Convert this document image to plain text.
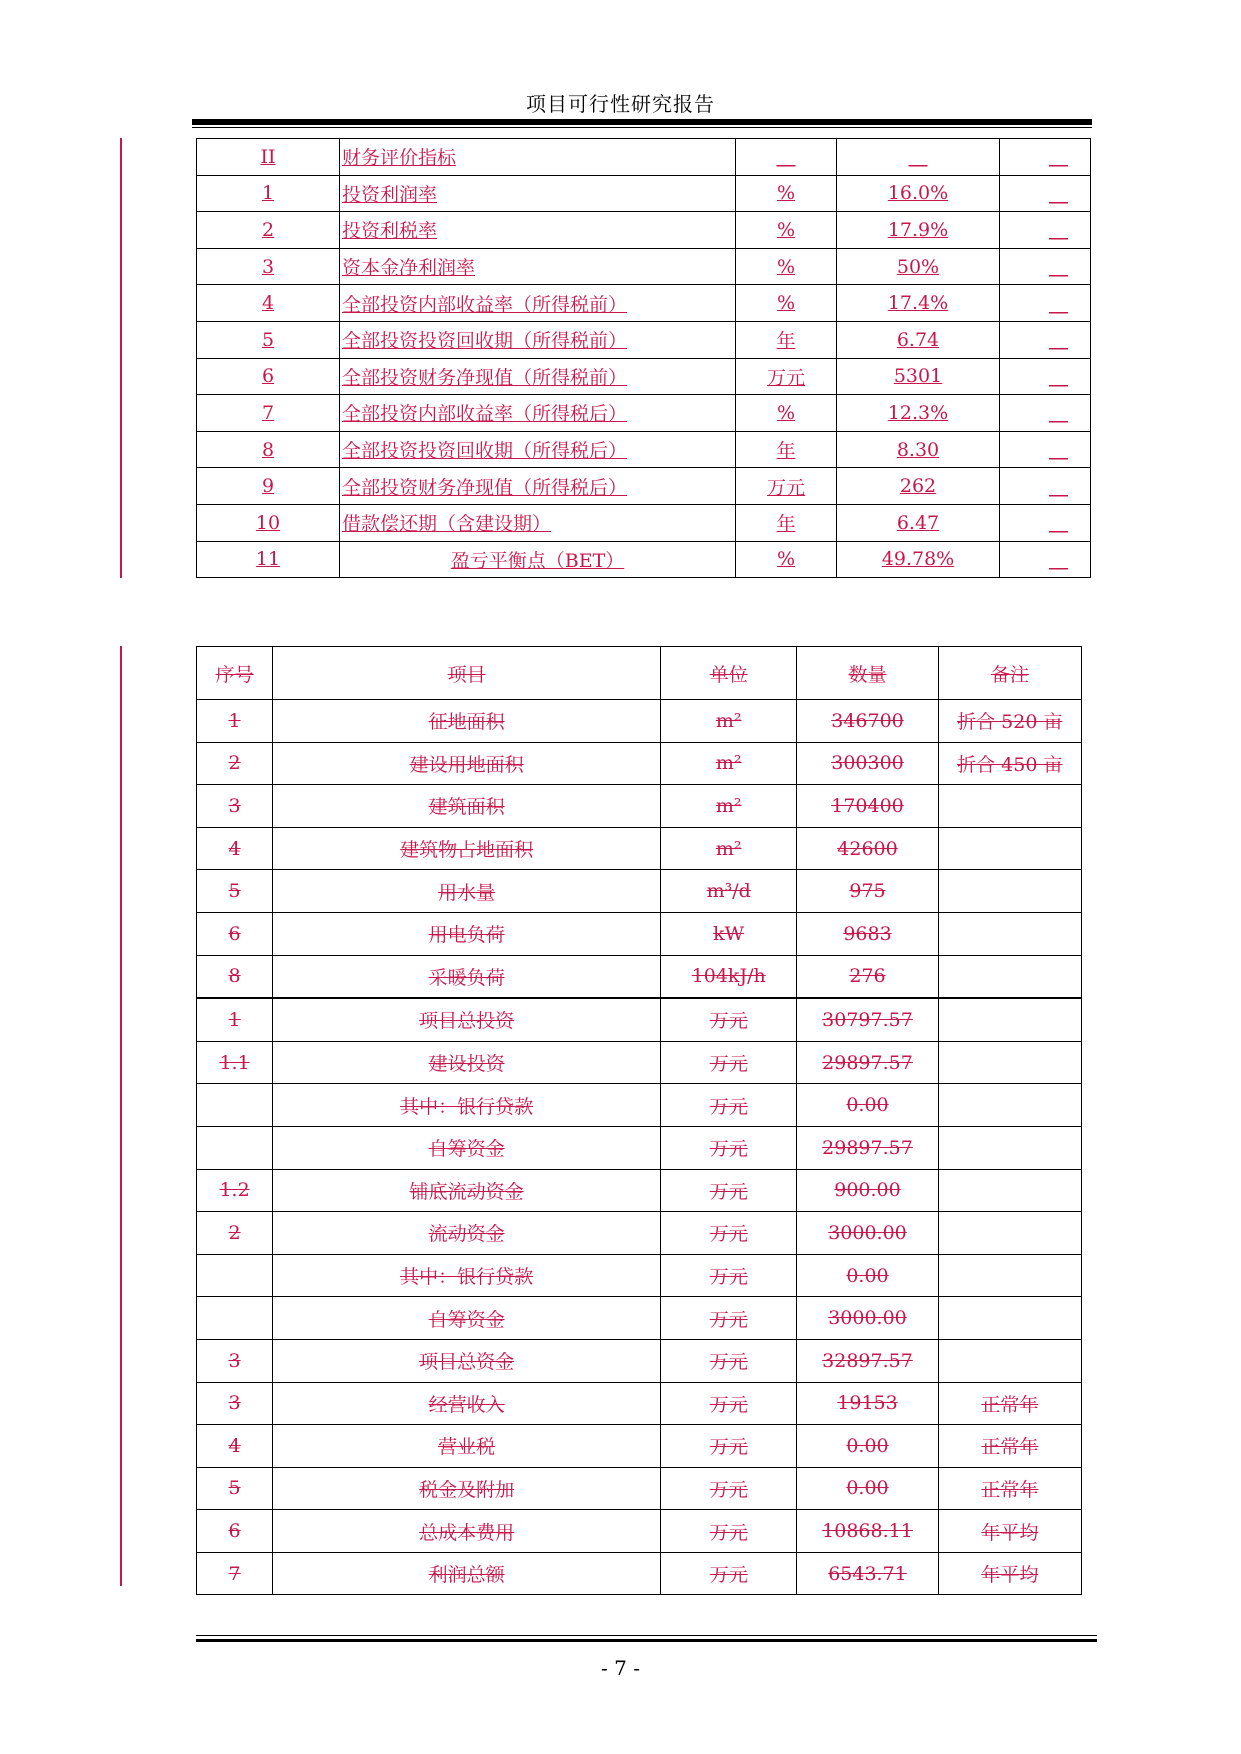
项目可行性研究报告
II	财务评价指标	＿	＿	＿
1	投资利润率	%	16.0%	＿
2	投资利税率	%	17.9%	＿
3	资本金净利润率	%	50%	＿
4	全部投资内部收益率（所得税前）	%	17.4%	＿
5	全部投资投资回收期（所得税前）	年	6.74	＿
6	全部投资财务净现值（所得税前）	万元	5301	＿
7	全部投资内部收益率（所得税后）	%	12.3%	＿
8	全部投资投资回收期（所得税后）	年	8.30	＿
9	全部投资财务净现值（所得税后）	万元	262	＿
10	借款偿还期（含建设期）	年	6.47	＿
11	盈亏平衡点（BET）	%	49.78%	＿
序号	项目	单位	数量	备注
1	征地面积	m²	346700	折合 520 亩
2	建设用地面积	m²	300300	折合 450 亩
3	建筑面积	m²	170400	
4	建筑物占地面积	m²	42600	
5	用水量	m³/d	975	
6	用电负荷	kW	9683	
8	采暖负荷	104kJ/h	276	
1	项目总投资	万元	30797.57	
1.1	建设投资	万元	29897.57	
	其中：银行贷款	万元	0.00	
	自筹资金	万元	29897.57	
1.2	铺底流动资金	万元	900.00	
2	流动资金	万元	3000.00	
	其中：银行贷款	万元	0.00	
	自筹资金	万元	3000.00	
3	项目总资金	万元	32897.57	
3	经营收入	万元	19153	正常年
4	营业税	万元	0.00	正常年
5	税金及附加	万元	0.00	正常年
6	总成本费用	万元	10868.11	年平均
7	利润总额	万元	6543.71	年平均
- 7 -
